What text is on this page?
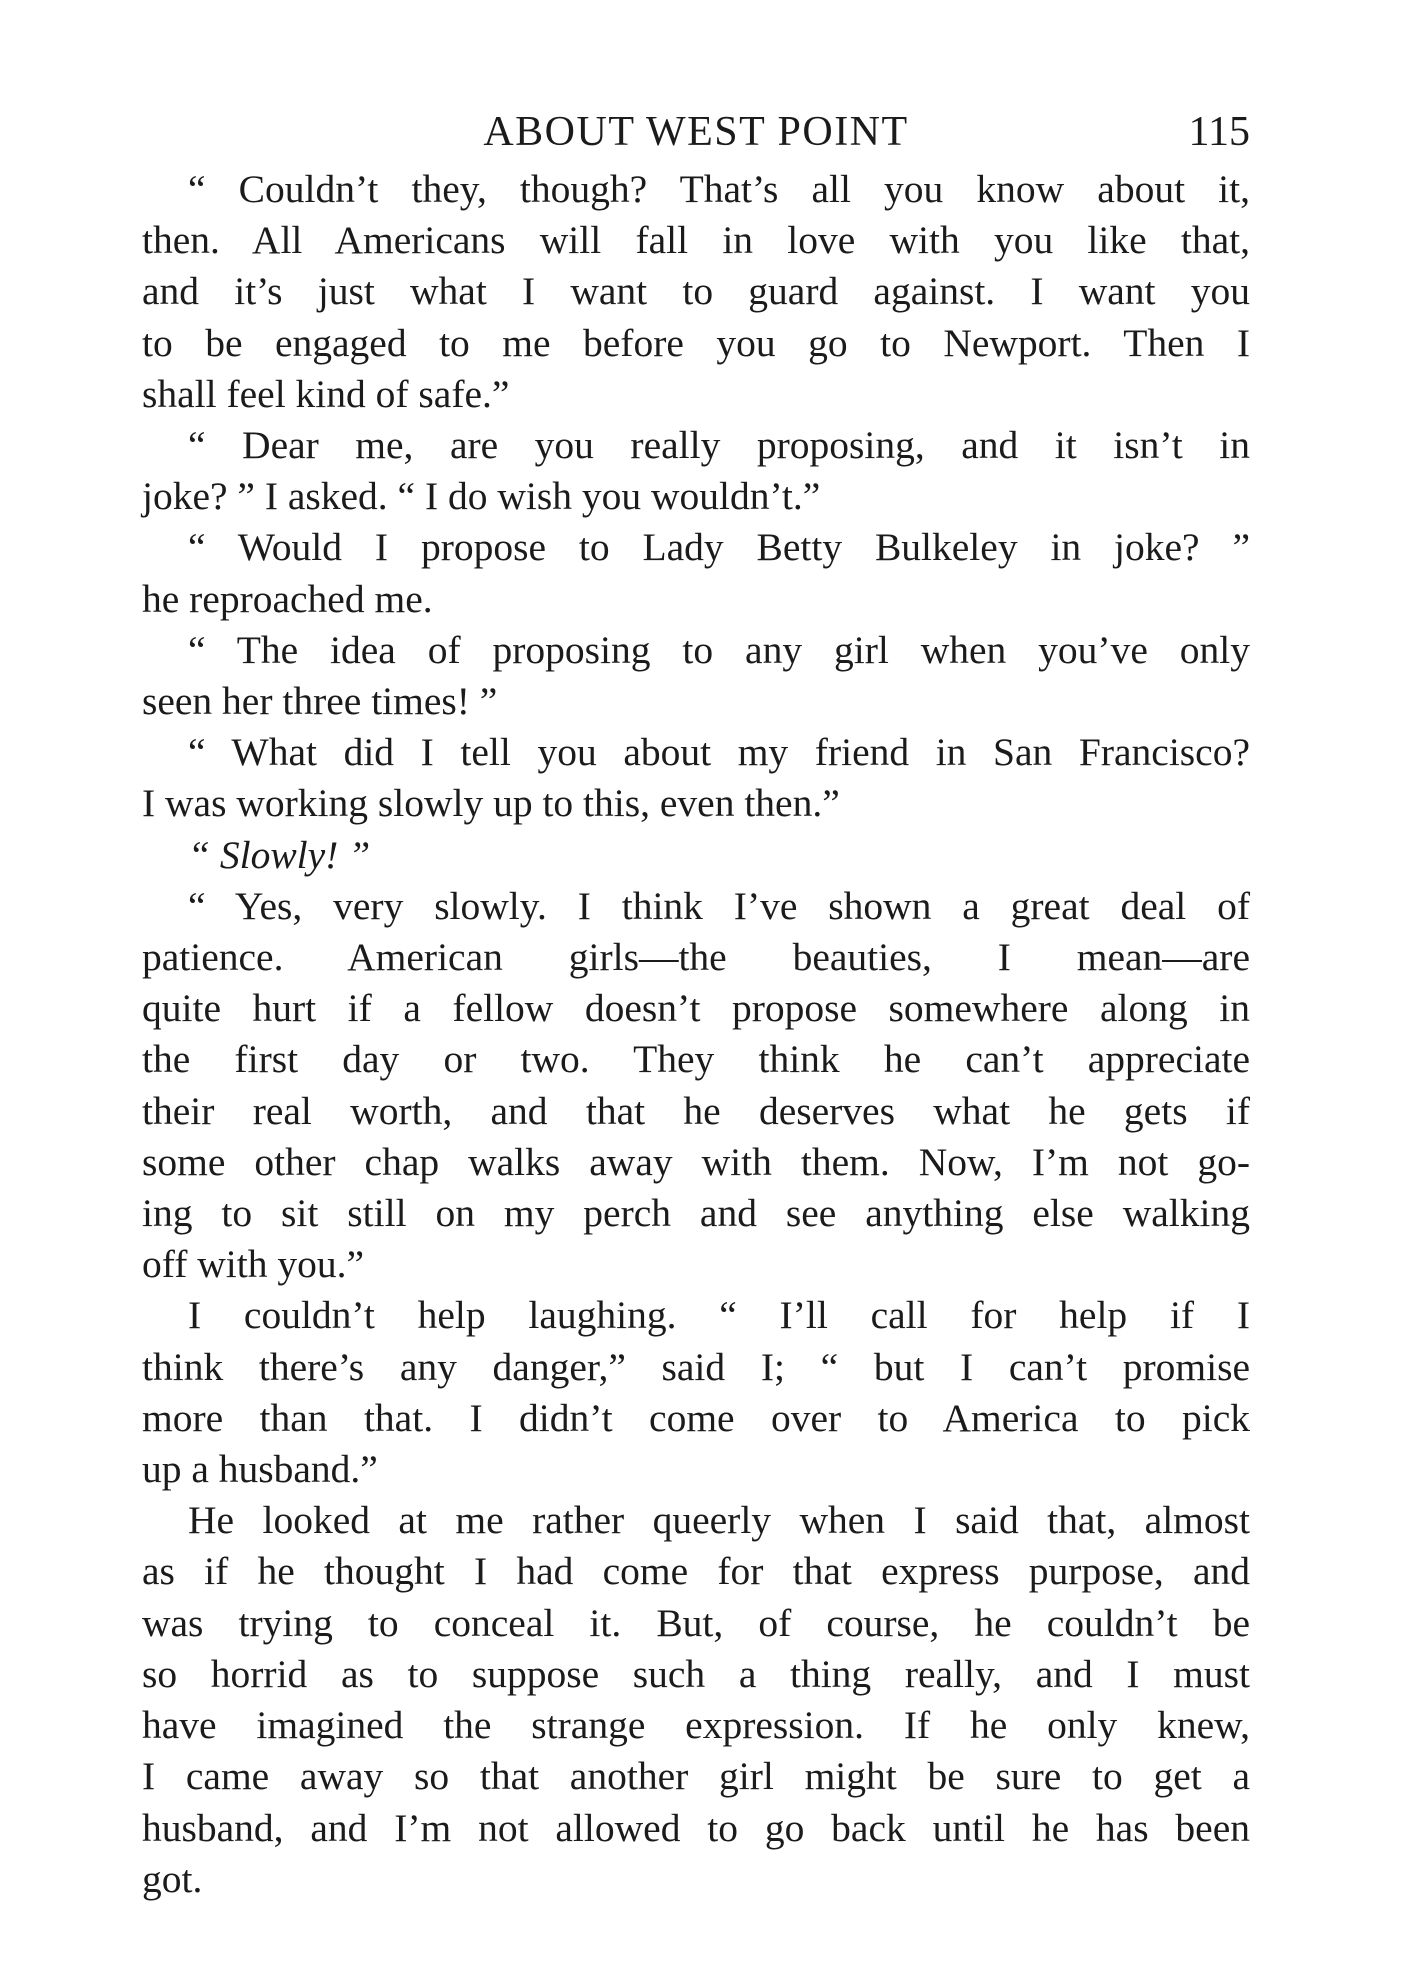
ABOUT WEST POINT	115

“ Couldn’t they, though? That’s all you know about it,
then. All Americans will fall in love with you like that,
and it’s just what I want to guard against. I want you
to be engaged to me before you go to Newport. Then I
shall feel kind of safe.”

“ Dear me, are you really proposing, and it isn’t in
joke? ” I asked. “ I do wish you wouldn’t.”

“ Would I propose to Lady Betty Bulkeley in joke? ”
he reproached me.

“ The idea of proposing to any girl when you’ve only
seen her three times! ”

“ What did I tell you about my friend in San Francisco?
I was working slowly up to this, even then.”

“ Slowly! ”

“ Yes, very slowly. I think I’ve shown a great deal of
patience. American girls—the beauties, I mean—are
quite hurt if a fellow doesn’t propose somewhere along in
the first day or two. They think he can’t appreciate
their real worth, and that he deserves what he gets if
some other chap walks away with them. Now, I’m not go-
ing to sit still on my perch and see anything else walking
off with you.”

I couldn’t help laughing. “ I’ll call for help if I
think there’s any danger,” said I; “ but I can’t promise
more than that. I didn’t come over to America to pick
up a husband.”

He looked at me rather queerly when I said that, almost
as if he thought I had come for that express purpose, and
was trying to conceal it. But, of course, he couldn’t be
so horrid as to suppose such a thing really, and I must
have imagined the strange expression. If he only knew,
I came away so that another girl might be sure to get a
husband, and I’m not allowed to go back until he has been
got.
